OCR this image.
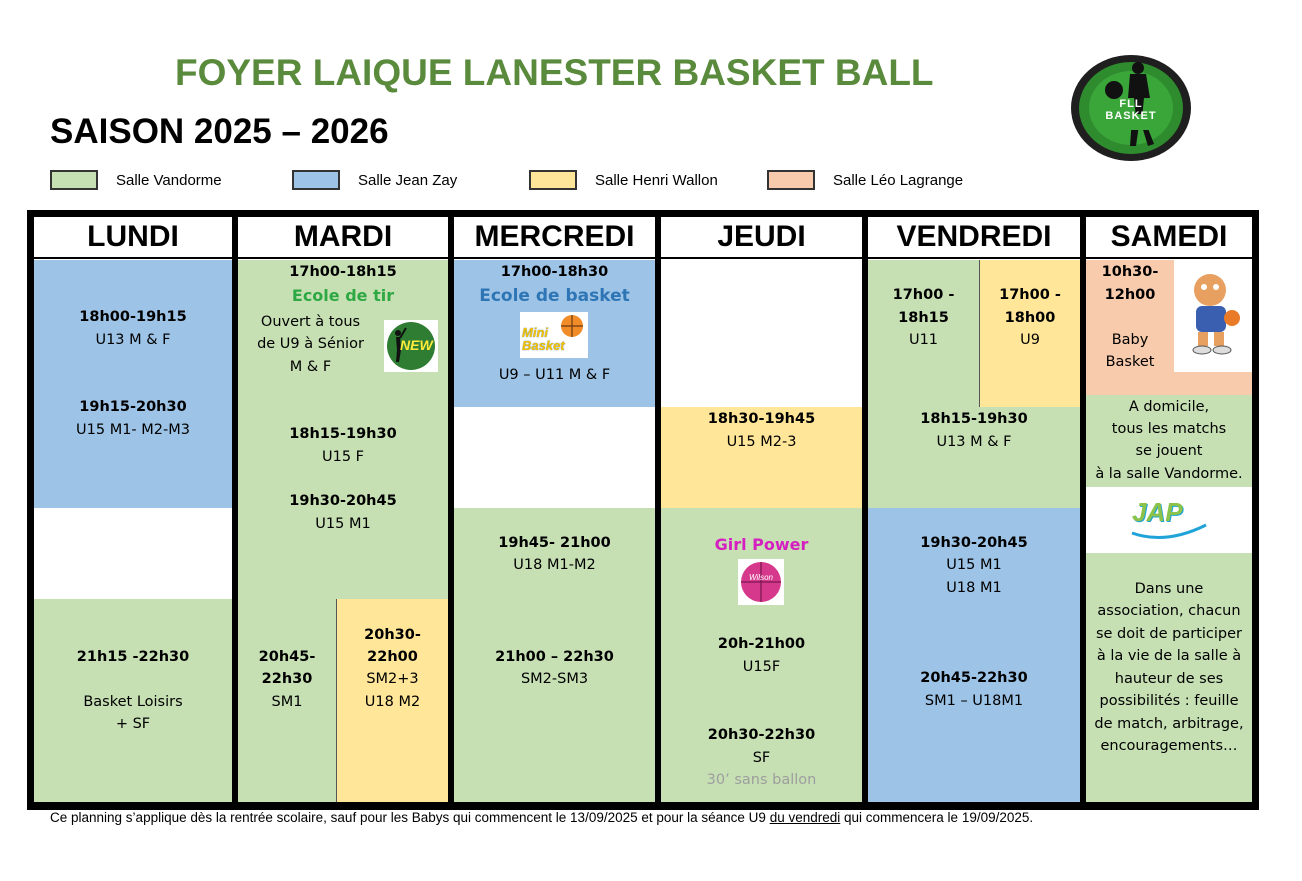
FOYER LAIQUE LANESTER BASKET BALL
SAISON 2025 – 2026
FLL BASKET
Salle Vandorme	Salle Jean Zay	Salle Henri Wallon	Salle Léo Lagrange
LUNDI
18h00-19h15
U13 M & F
19h15-20h30
U15 M1- M2-M3
21h15 -22h30
Basket Loisirs
+ SF
MARDI
17h00-18h15
Ecole de tir
Ouvert à tous
de U9 à Sénior
M & F
NEW
18h15-19h30
U15 F
19h30-20h45
U15 M1
20h45-
22h30
SM1
20h30-
22h00
SM2+3
U18 M2
MERCREDI
17h00-18h30
Ecole de basket
Mini Basket
U9 – U11 M & F
19h45- 21h00
U18 M1-M2
21h00 – 22h30
SM2-SM3
JEUDI
18h30-19h45
U15 M2-3
Girl Power
Wilson
20h-21h00
U15F
20h30-22h30
SF
30’ sans ballon
VENDREDI
17h00 -
18h15
U11
17h00 -
18h00
U9
18h15-19h30
U13 M & F
19h30-20h45
U15 M1
U18 M1
20h45-22h30
SM1 – U18M1
SAMEDI
10h30-
12h00
Baby
Basket
A domicile,
tous les matchs
se jouent
à la salle Vandorme.
JAP
Dans une
association, chacun
se doit de participer
à la vie de la salle à
hauteur de ses
possibilités : feuille
de match, arbitrage,
encouragements…
Ce planning s’applique dès la rentrée scolaire, sauf pour les Babys qui commencent le 13/09/2025 et pour la séance U9 du vendredi qui commencera le 19/09/2025.
